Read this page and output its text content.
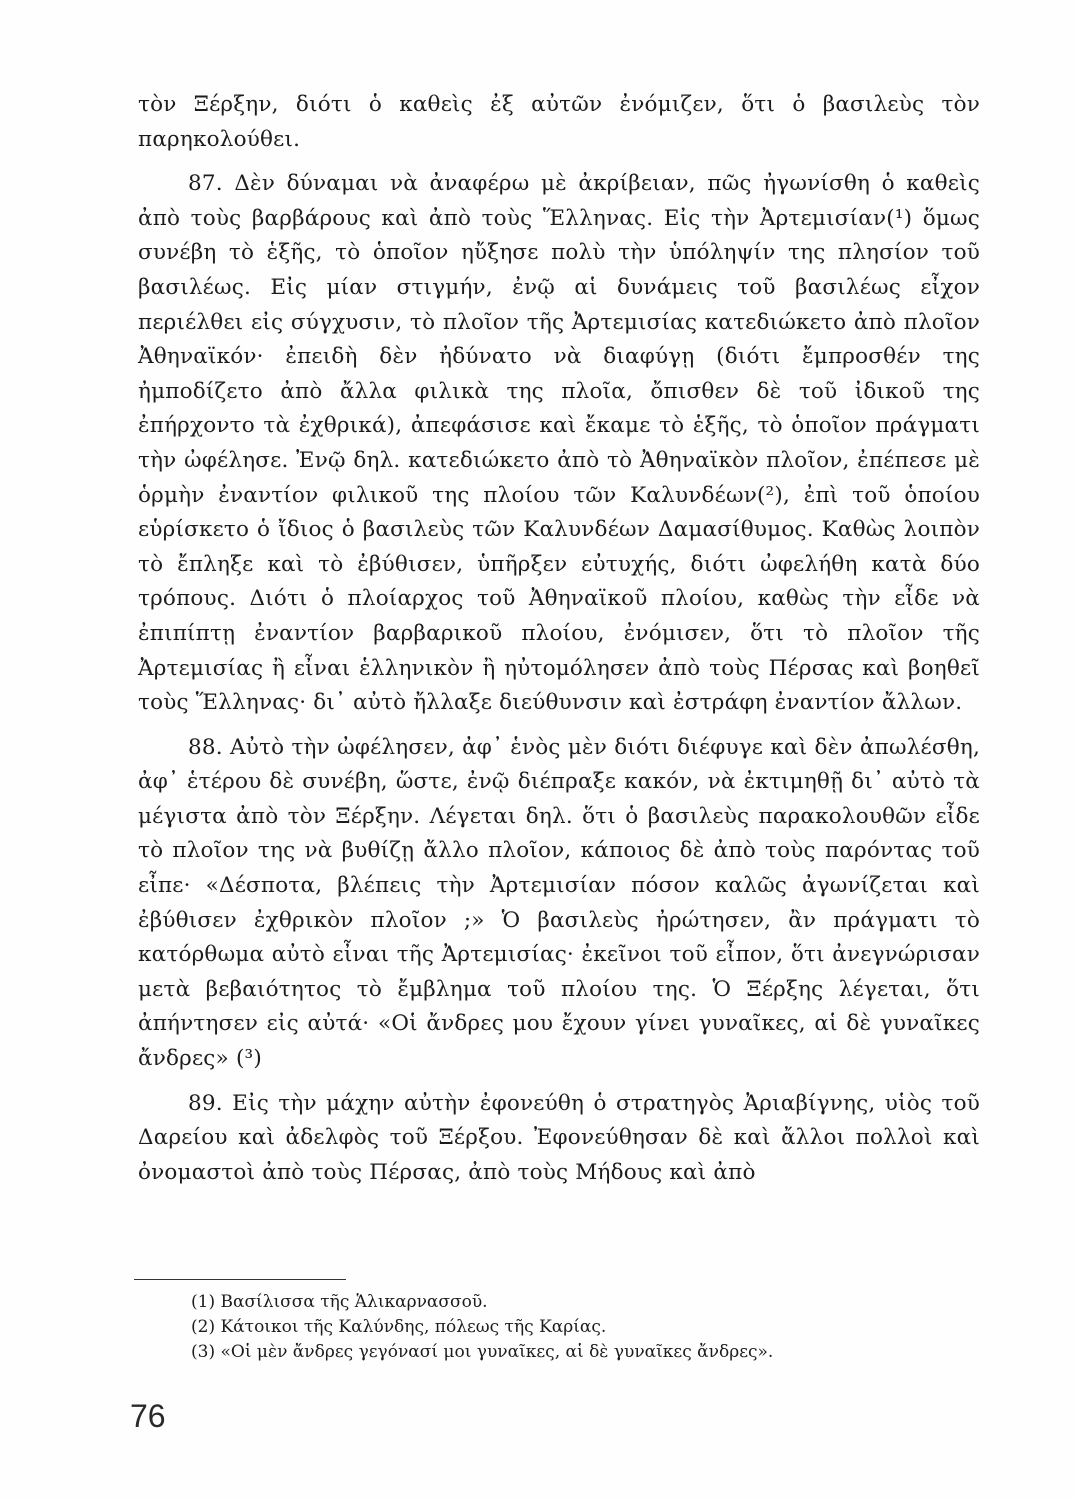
τὸν Ξέρξην, διότι ὁ καθεὶς ἐξ αὐτῶν ἐνόμιζεν, ὅτι ὁ βασιλεὺς τὸν παρηκολούθει.

87. Δὲν δύναμαι νὰ ἀναφέρω μὲ ἀκρίβειαν, πῶς ἠγωνίσθη ὁ καθεὶς ἀπὸ τοὺς βαρβάρους καὶ ἀπὸ τοὺς Ἕλληνας. Εἰς τὴν Ἀρτεμισίαν(¹) ὅμως συνέβη τὸ ἑξῆς, τὸ ὁποῖον ηὔξησε πολὺ τὴν ὑπόληψίν της πλησίον τοῦ βασιλέως. Εἰς μίαν στιγμήν, ἐνῷ αἱ δυνάμεις τοῦ βασιλέως εἶχον περιέλθει εἰς σύγχυσιν, τὸ πλοῖον τῆς Ἀρτεμισίας κατεδιώκετο ἀπὸ πλοῖον Ἀθηναϊκόν· ἐπειδὴ δὲν ἠδύνατο νὰ διαφύγῃ (διότι ἔμπροσθέν της ἠμποδίζετο ἀπὸ ἄλλα φιλικὰ της πλοῖα, ὄπισθεν δὲ τοῦ ἰδικοῦ της ἐπήρχοντο τὰ ἐχθρικά), ἀπεφάσισε καὶ ἔκαμε τὸ ἑξῆς, τὸ ὁποῖον πράγματι τὴν ὠφέλησε. Ἐνῷ δηλ. κατεδιώκετο ἀπὸ τὸ Ἀθηναϊκὸν πλοῖον, ἐπέπεσε μὲ ὁρμὴν ἐναντίον φιλικοῦ της πλοίου τῶν Καλυνδέων(²), ἐπὶ τοῦ ὁποίου εὑρίσκετο ὁ ἴδιος ὁ βασιλεὺς τῶν Καλυνδέων Δαμασίθυμος. Καθὼς λοιπὸν τὸ ἔπληξε καὶ τὸ ἐβύθισεν, ὑπῆρξεν εὐτυχής, διότι ὠφελήθη κατὰ δύο τρόπους. Διότι ὁ πλοίαρχος τοῦ Ἀθηναϊκοῦ πλοίου, καθὼς τὴν εἶδε νὰ ἐπιπίπτῃ ἐναντίον βαρβαρικοῦ πλοίου, ἐνόμισεν, ὅτι τὸ πλοῖον τῆς Ἀρτεμισίας ἢ εἶναι ἑλληνικὸν ἢ ηὐτομόλησεν ἀπὸ τοὺς Πέρσας καὶ βοηθεῖ τοὺς Ἕλληνας· δι᾽ αὐτὸ ἤλλαξε διεύθυνσιν καὶ ἐστράφη ἐναντίον ἄλλων.

88. Αὐτὸ τὴν ὠφέλησεν, ἀφ᾽ ἑνὸς μὲν διότι διέφυγε καὶ δὲν ἀπωλέσθη, ἀφ᾽ ἑτέρου δὲ συνέβη, ὥστε, ἐνῷ διέπραξε κακόν, νὰ ἐκτιμηθῇ δι᾽ αὐτὸ τὰ μέγιστα ἀπὸ τὸν Ξέρξην. Λέγεται δηλ. ὅτι ὁ βασιλεὺς παρακολουθῶν εἶδε τὸ πλοῖον της νὰ βυθίζῃ ἄλλο πλοῖον, κάποιος δὲ ἀπὸ τοὺς παρόντας τοῦ εἶπε· «Δέσποτα, βλέπεις τὴν Ἀρτεμισίαν πόσον καλῶς ἀγωνίζεται καὶ ἐβύθισεν ἐχθρικὸν πλοῖον ;» Ὁ βασιλεὺς ἠρώτησεν, ἂν πράγματι τὸ κατόρθωμα αὐτὸ εἶναι τῆς Ἀρτεμισίας· ἐκεῖνοι τοῦ εἶπον, ὅτι ἀνεγνώρισαν μετὰ βεβαιότητος τὸ ἔμβλημα τοῦ πλοίου της. Ὁ Ξέρξης λέγεται, ὅτι ἀπήντησεν εἰς αὐτά· «Οἱ ἄνδρες μου ἔχουν γίνει γυναῖκες, αἱ δὲ γυναῖκες ἄνδρες» (³)

89. Εἰς τὴν μάχην αὐτὴν ἐφονεύθη ὁ στρατηγὸς Ἀριαβίγνης, υἱὸς τοῦ Δαρείου καὶ ἀδελφὸς τοῦ Ξέρξου. Ἐφονεύθησαν δὲ καὶ ἄλλοι πολλοὶ καὶ ὀνομαστοὶ ἀπὸ τοὺς Πέρσας, ἀπὸ τοὺς Μήδους καὶ ἀπὸ

(1) Βασίλισσα τῆς Ἁλικαρνασσοῦ.

(2) Κάτοικοι τῆς Καλύνδης, πόλεως τῆς Καρίας.

(3) «Οἱ μὲν ἄνδρες γεγόνασί μοι γυναῖκες, αἱ δὲ γυναῖκες ἄνδρες».

76
